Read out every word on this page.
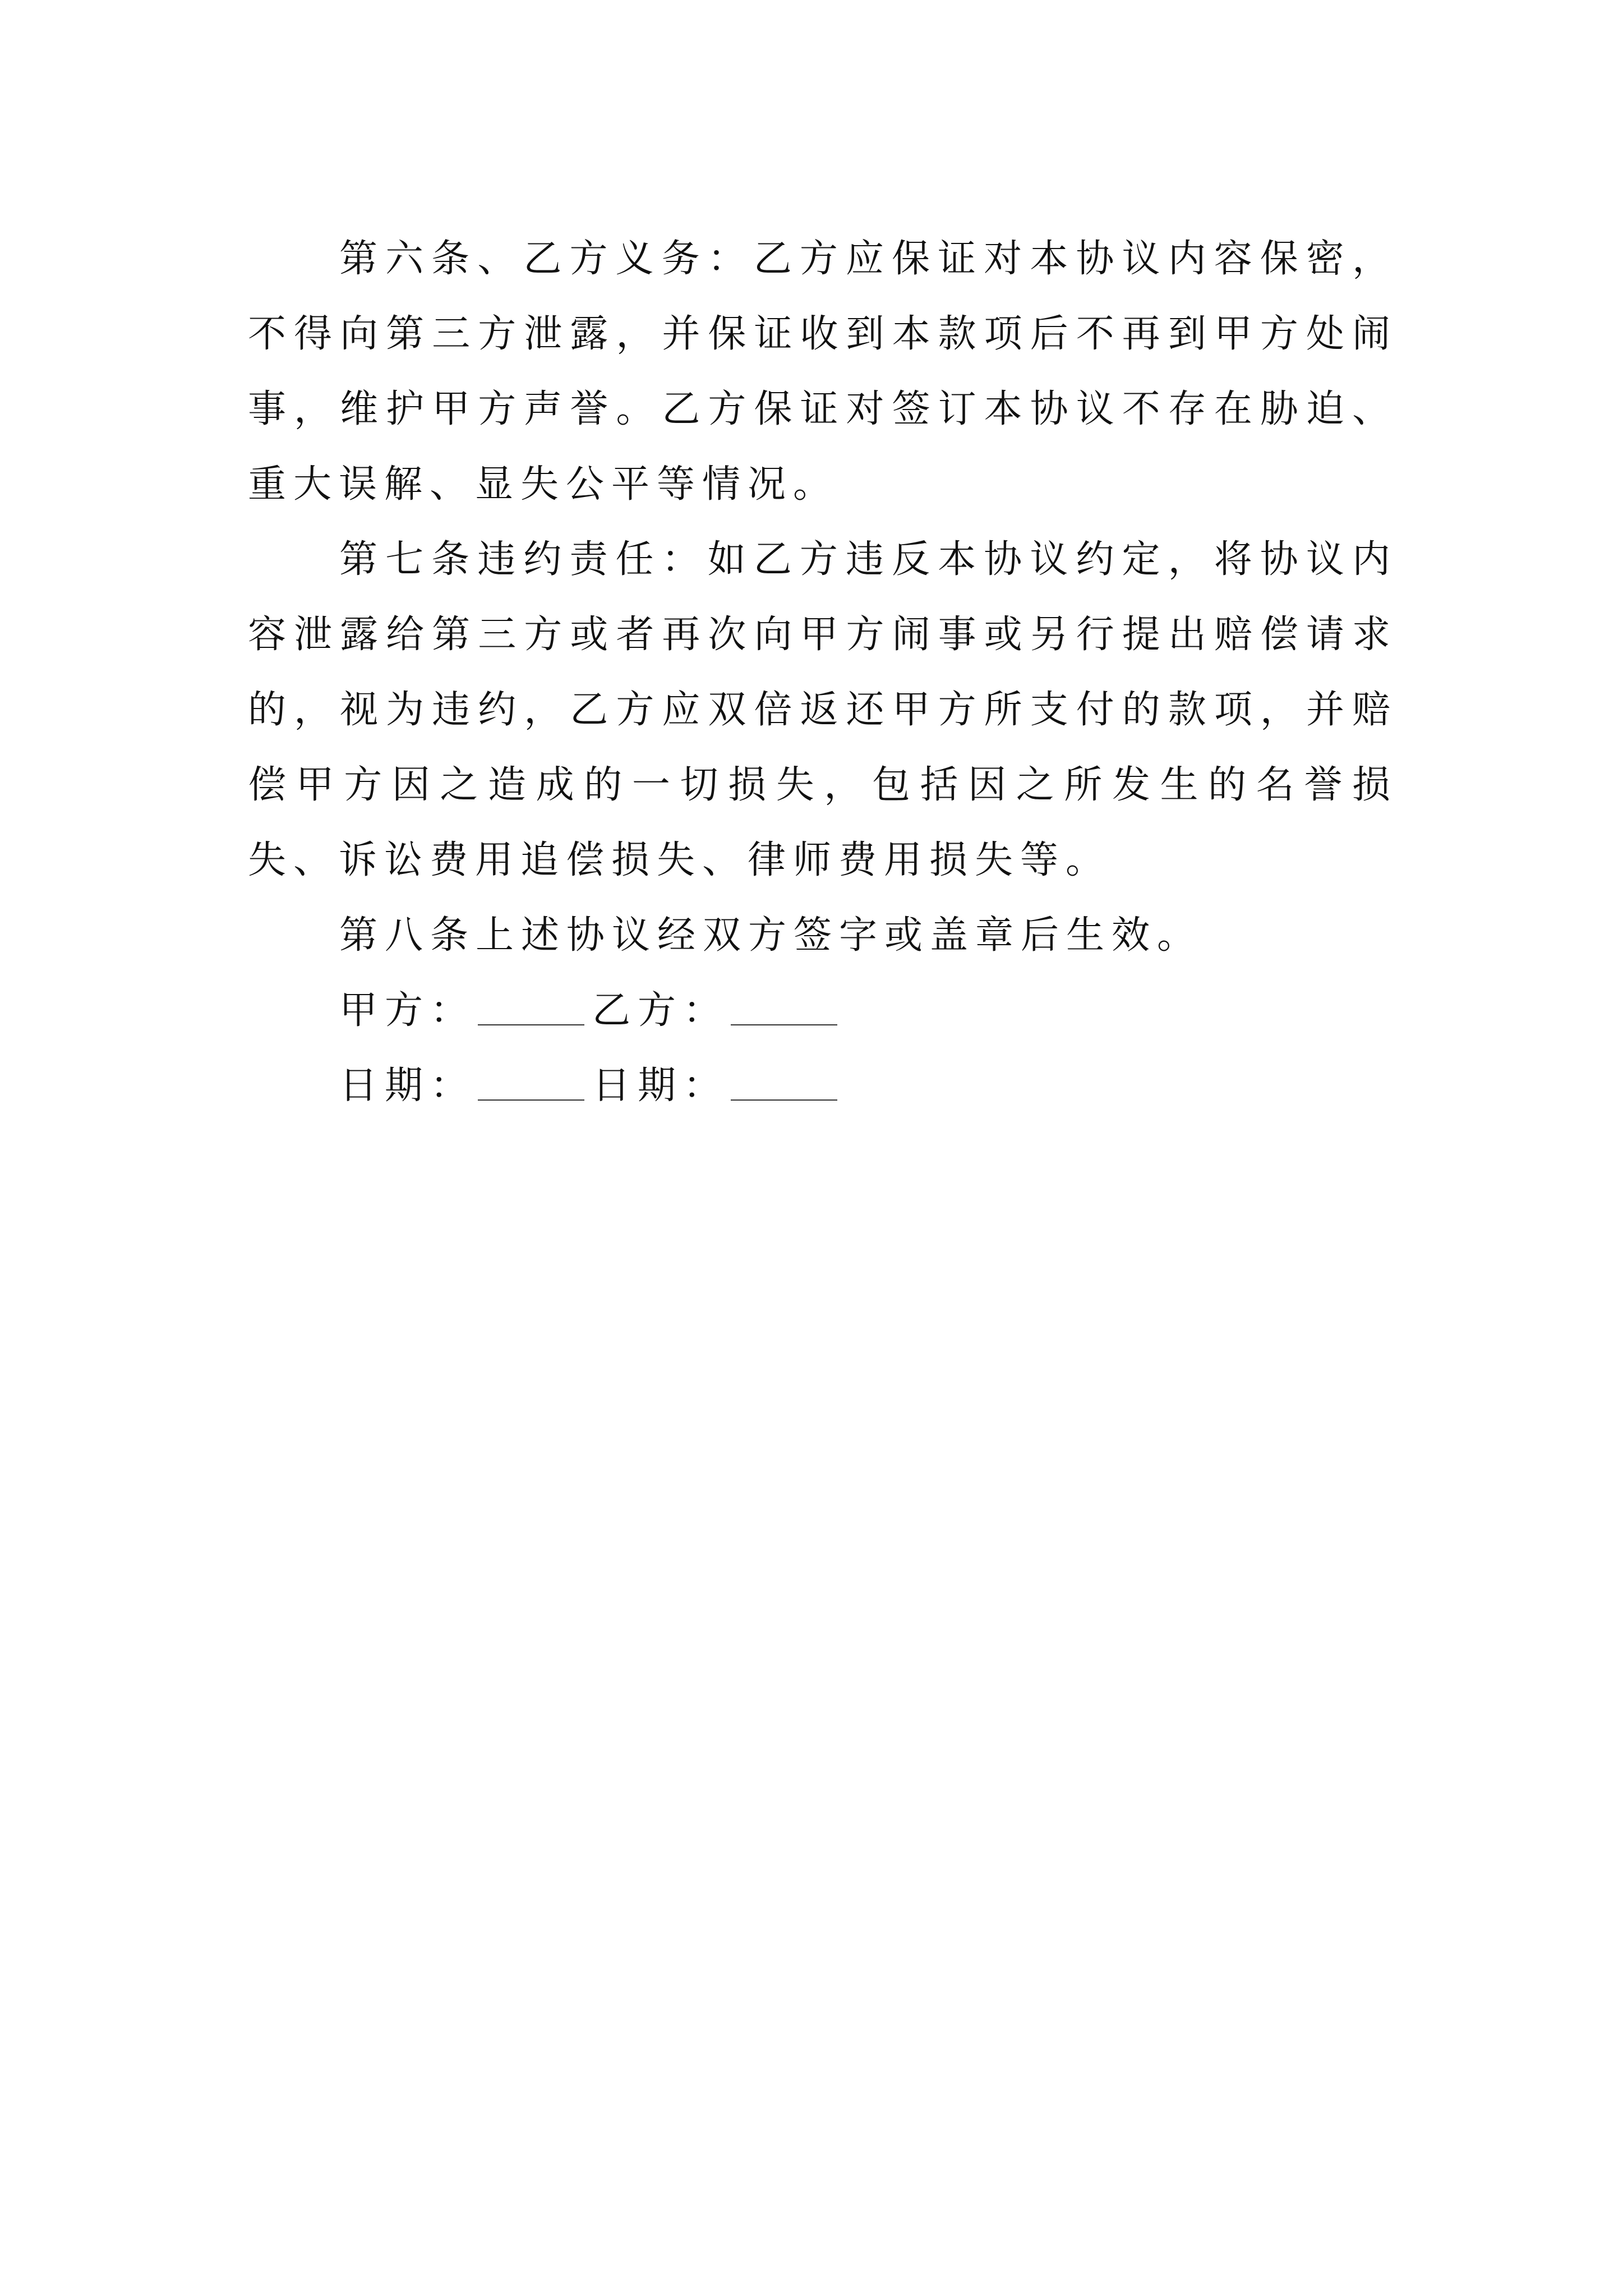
第六条、乙方义务：乙方应保证对本协议内容保密，不得向第三方泄露，并保证收到本款项后不再到甲方处闹事，维护甲方声誉。乙方保证对签订本协议不存在胁迫、重大误解、显失公平等情况。

第七条违约责任：如乙方违反本协议约定，将协议内容泄露给第三方或者再次向甲方闹事或另行提出赔偿请求的，视为违约，乙方应双倍返还甲方所支付的款项，并赔偿甲方因之造成的一切损失，包括因之所发生的名誉损失、诉讼费用追偿损失、律师费用损失等。

第八条上述协议经双方签字或盖章后生效。

甲方：	乙方：
日期：	日期：
